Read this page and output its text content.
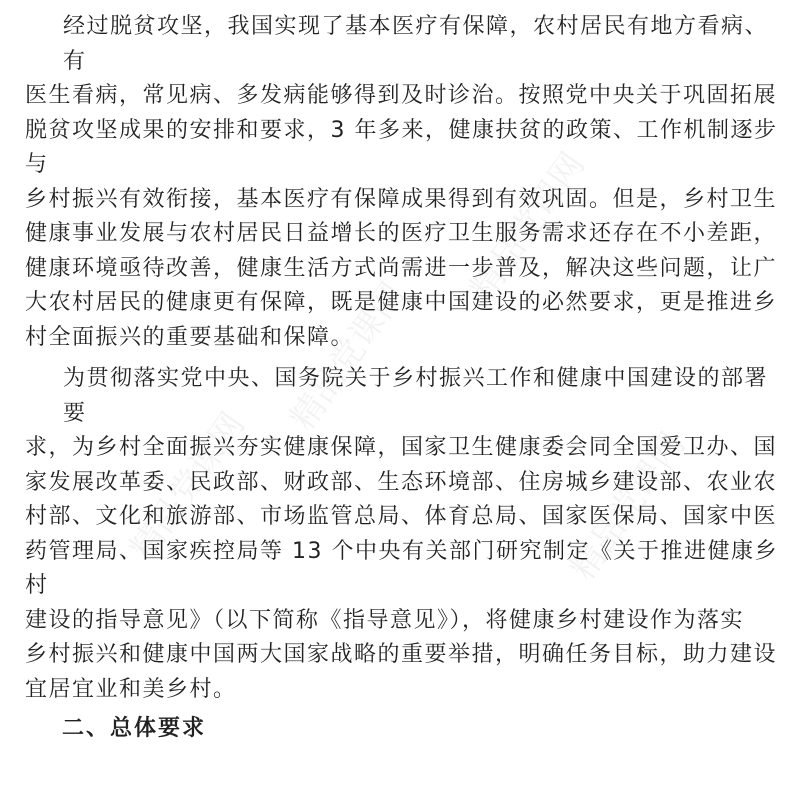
精品党课网
精品党课网	精品党课网
精品党课网
经过脱贫攻坚，我国实现了基本医疗有保障，农村居民有地方看病、有
医生看病，常见病、多发病能够得到及时诊治。按照党中央关于巩固拓展
脱贫攻坚成果的安排和要求，3 年多来，健康扶贫的政策、工作机制逐步与
乡村振兴有效衔接，基本医疗有保障成果得到有效巩固。但是，乡村卫生
健康事业发展与农村居民日益增长的医疗卫生服务需求还存在不小差距，
健康环境亟待改善，健康生活方式尚需进一步普及，解决这些问题，让广
大农村居民的健康更有保障，既是健康中国建设的必然要求，更是推进乡
村全面振兴的重要基础和保障。
为贯彻落实党中央、国务院关于乡村振兴工作和健康中国建设的部署要
求，为乡村全面振兴夯实健康保障，国家卫生健康委会同全国爱卫办、国
家发展改革委、民政部、财政部、生态环境部、住房城乡建设部、农业农
村部、文化和旅游部、市场监管总局、体育总局、国家医保局、国家中医
药管理局、国家疾控局等 13 个中央有关部门研究制定《关于推进健康乡村
建设的指导意见》（以下简称《指导意见》），将健康乡村建设作为落实
乡村振兴和健康中国两大国家战略的重要举措，明确任务目标，助力建设
宜居宜业和美乡村。
二、总体要求
